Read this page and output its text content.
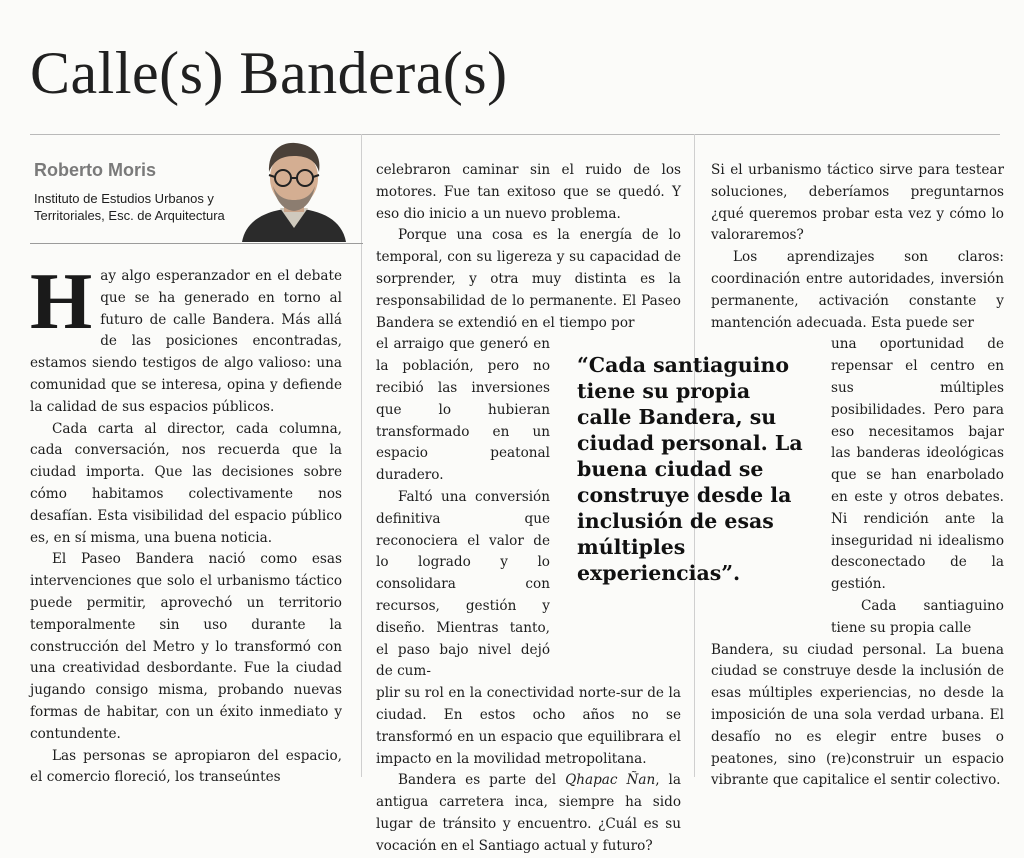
Calle(s) Bandera(s)
Roberto Moris
Instituto de Estudios Urbanos y Territoriales, Esc. de Arquitectura

Hay algo esperanzador en el debate que se ha generado en torno al futuro de calle Bandera. Más allá de las posiciones encontradas, estamos siendo testigos de algo valioso: una comunidad que se interesa, opina y defiende la calidad de sus espacios públicos.

Cada carta al director, cada columna, cada conversación, nos recuerda que la ciudad importa. Que las decisiones sobre cómo habitamos colectivamente nos desafían. Esta visibilidad del espacio público es, en sí misma, una buena noticia.

El Paseo Bandera nació como esas intervenciones que solo el urbanismo táctico puede permitir, aprovechó un territorio temporalmente sin uso durante la construcción del Metro y lo transformó con una creatividad desbordante. Fue la ciudad jugando consigo misma, probando nuevas formas de habitar, con un éxito inmediato y contundente.

Las personas se apropiaron del espacio, el comercio floreció, los transeúntes

celebraron caminar sin el ruido de los motores. Fue tan exitoso que se quedó. Y eso dio inicio a un nuevo problema.

Porque una cosa es la energía de lo temporal, con su ligereza y su capacidad de sorprender, y otra muy distinta es la responsabilidad de lo permanente. El Paseo Bandera se extendió en el tiempo por

el arraigo que generó en la población, pero no recibió las inversiones que lo hubieran transformado en un espacio peatonal duradero.

Faltó una conversión definitiva que reconociera el valor de lo logrado y lo consolidara con recursos, gestión y diseño. Mientras tanto, el paso bajo nivel dejó de cum-

plir su rol en la conectividad norte-sur de la ciudad. En estos ocho años no se transformó en un espacio que equilibrara el impacto en la movilidad metropolitana.

Bandera es parte del Qhapac Ñan, la antigua carretera inca, siempre ha sido lugar de tránsito y encuentro. ¿Cuál es su vocación en el Santiago actual y futuro?

Si el urbanismo táctico sirve para testear soluciones, deberíamos preguntarnos ¿qué queremos probar esta vez y cómo lo valoraremos?

Los aprendizajes son claros: coordinación entre autoridades, inversión permanente, activación constante y mantención adecuada. Esta puede ser

una oportunidad de repensar el centro en sus múltiples posibilidades. Pero para eso necesitamos bajar las banderas ideológicas que se han enarbolado en este y otros debates. Ni rendición ante la inseguridad ni idealismo desconectado de la gestión.

Cada santiaguino tiene su propia calle

Bandera, su ciudad personal. La buena ciudad se construye desde la inclusión de esas múltiples experiencias, no desde la imposición de una sola verdad urbana. El desafío no es elegir entre buses o peatones, sino (re)construir un espacio vibrante que capitalice el sentir colectivo.

“Cada santiaguino tiene su propia calle Bandera, su ciudad personal. La buena ciudad se construye desde la inclusión de esas múltiples experiencias”.
